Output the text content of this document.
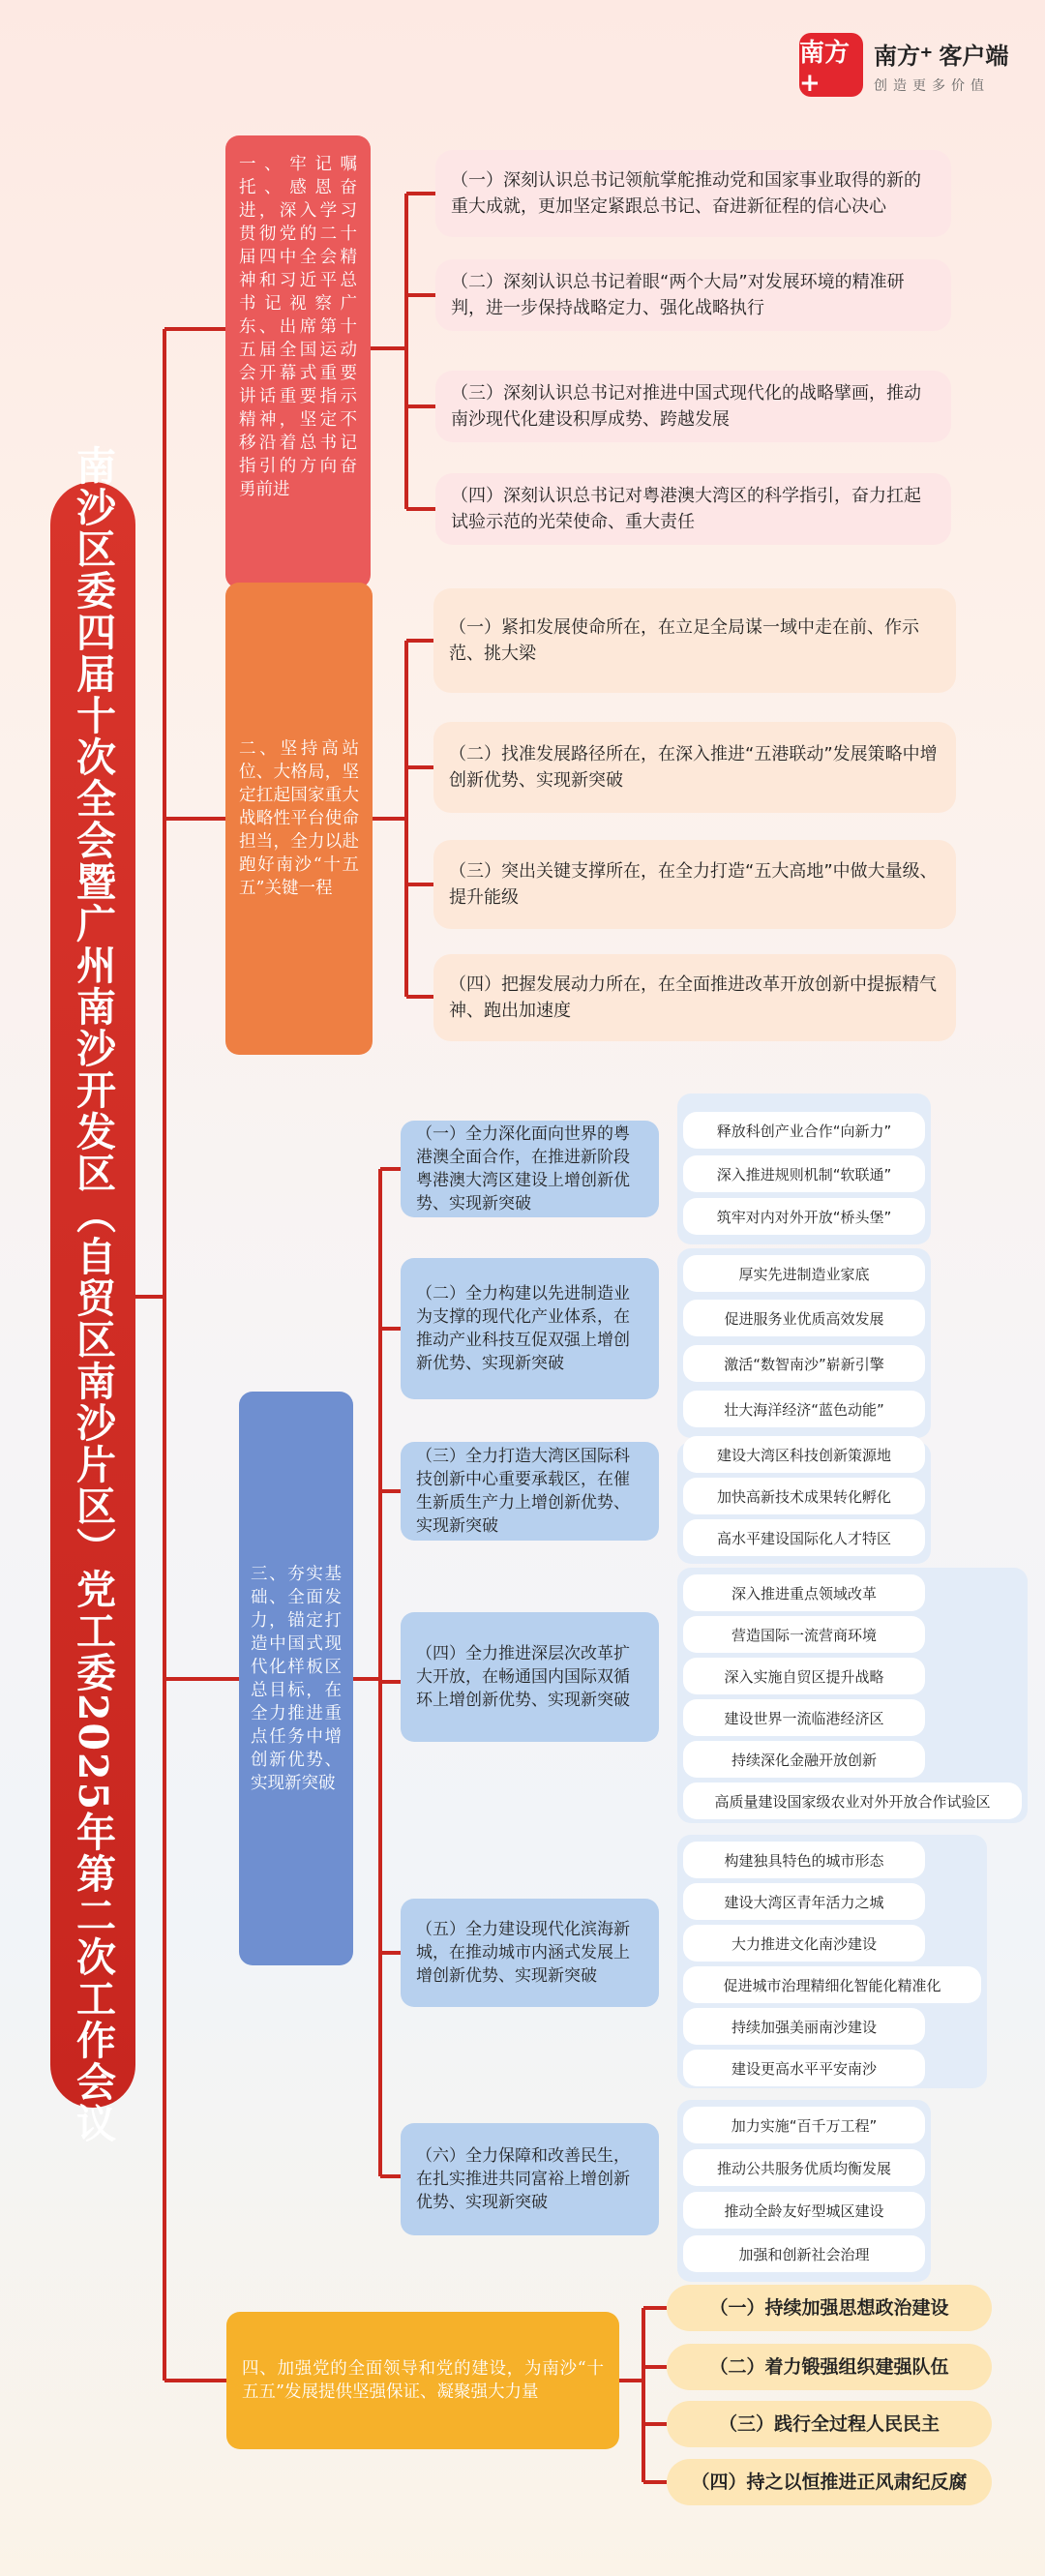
南方+
南方⁺ 客户端
创造更多价值
南沙区委四届十次全会暨广州南沙开发区（自贸区南沙片区）党工委2025年第二次工作会议
一、牢记嘱托、感恩奋进，深入学习贯彻党的二十届四中全会精神和习近平总书记视察广东、出席第十五届全国运动会开幕式重要讲话重要指示精神，坚定不移沿着总书记指引的方向奋勇前进
（一）深刻认识总书记领航掌舵推动党和国家事业取得的新的重大成就，更加坚定紧跟总书记、奋进新征程的信心决心
（二）深刻认识总书记着眼“两个大局”对发展环境的精准研判，进一步保持战略定力、强化战略执行
（三）深刻认识总书记对推进中国式现代化的战略擘画，推动南沙现代化建设积厚成势、跨越发展
（四）深刻认识总书记对粤港澳大湾区的科学指引，奋力扛起试验示范的光荣使命、重大责任
二、坚持高站位、大格局，坚定扛起国家重大战略性平台使命担当，全力以赴跑好南沙“十五五”关键一程
（一）紧扣发展使命所在，在立足全局谋一域中走在前、作示范、挑大梁
（二）找准发展路径所在，在深入推进“五港联动”发展策略中增创新优势、实现新突破
（三）突出关键支撑所在，在全力打造“五大高地”中做大量级、提升能级
（四）把握发展动力所在，在全面推进改革开放创新中提振精气神、跑出加速度
三、夯实基础、全面发力，锚定打造中国式现代化样板区总目标，在全力推进重点任务中增创新优势、实现新突破
（一）全力深化面向世界的粤港澳全面合作，在推进新阶段粤港澳大湾区建设上增创新优势、实现新突破
释放科创产业合作“向新力”
深入推进规则机制“软联通”
筑牢对内对外开放“桥头堡”
（二）全力构建以先进制造业为支撑的现代化产业体系，在推动产业科技互促双强上增创新优势、实现新突破
厚实先进制造业家底
促进服务业优质高效发展
激活“数智南沙”崭新引擎
壮大海洋经济“蓝色动能”
（三）全力打造大湾区国际科技创新中心重要承载区，在催生新质生产力上增创新优势、实现新突破
建设大湾区科技创新策源地
加快高新技术成果转化孵化
高水平建设国际化人才特区
（四）全力推进深层次改革扩大开放，在畅通国内国际双循环上增创新优势、实现新突破
深入推进重点领域改革
营造国际一流营商环境
深入实施自贸区提升战略
建设世界一流临港经济区
持续深化金融开放创新
高质量建设国家级农业对外开放合作试验区
（五）全力建设现代化滨海新城，在推动城市内涵式发展上增创新优势、实现新突破
构建独具特色的城市形态
建设大湾区青年活力之城
大力推进文化南沙建设
促进城市治理精细化智能化精准化
持续加强美丽南沙建设
建设更高水平平安南沙
（六）全力保障和改善民生，在扎实推进共同富裕上增创新优势、实现新突破
加力实施“百千万工程”
推动公共服务优质均衡发展
推动全龄友好型城区建设
加强和创新社会治理
四、加强党的全面领导和党的建设，为南沙“十五五”发展提供坚强保证、凝聚强大力量
（一）持续加强思想政治建设
（二）着力锻强组织建强队伍
（三）践行全过程人民民主
（四）持之以恒推进正风肃纪反腐
